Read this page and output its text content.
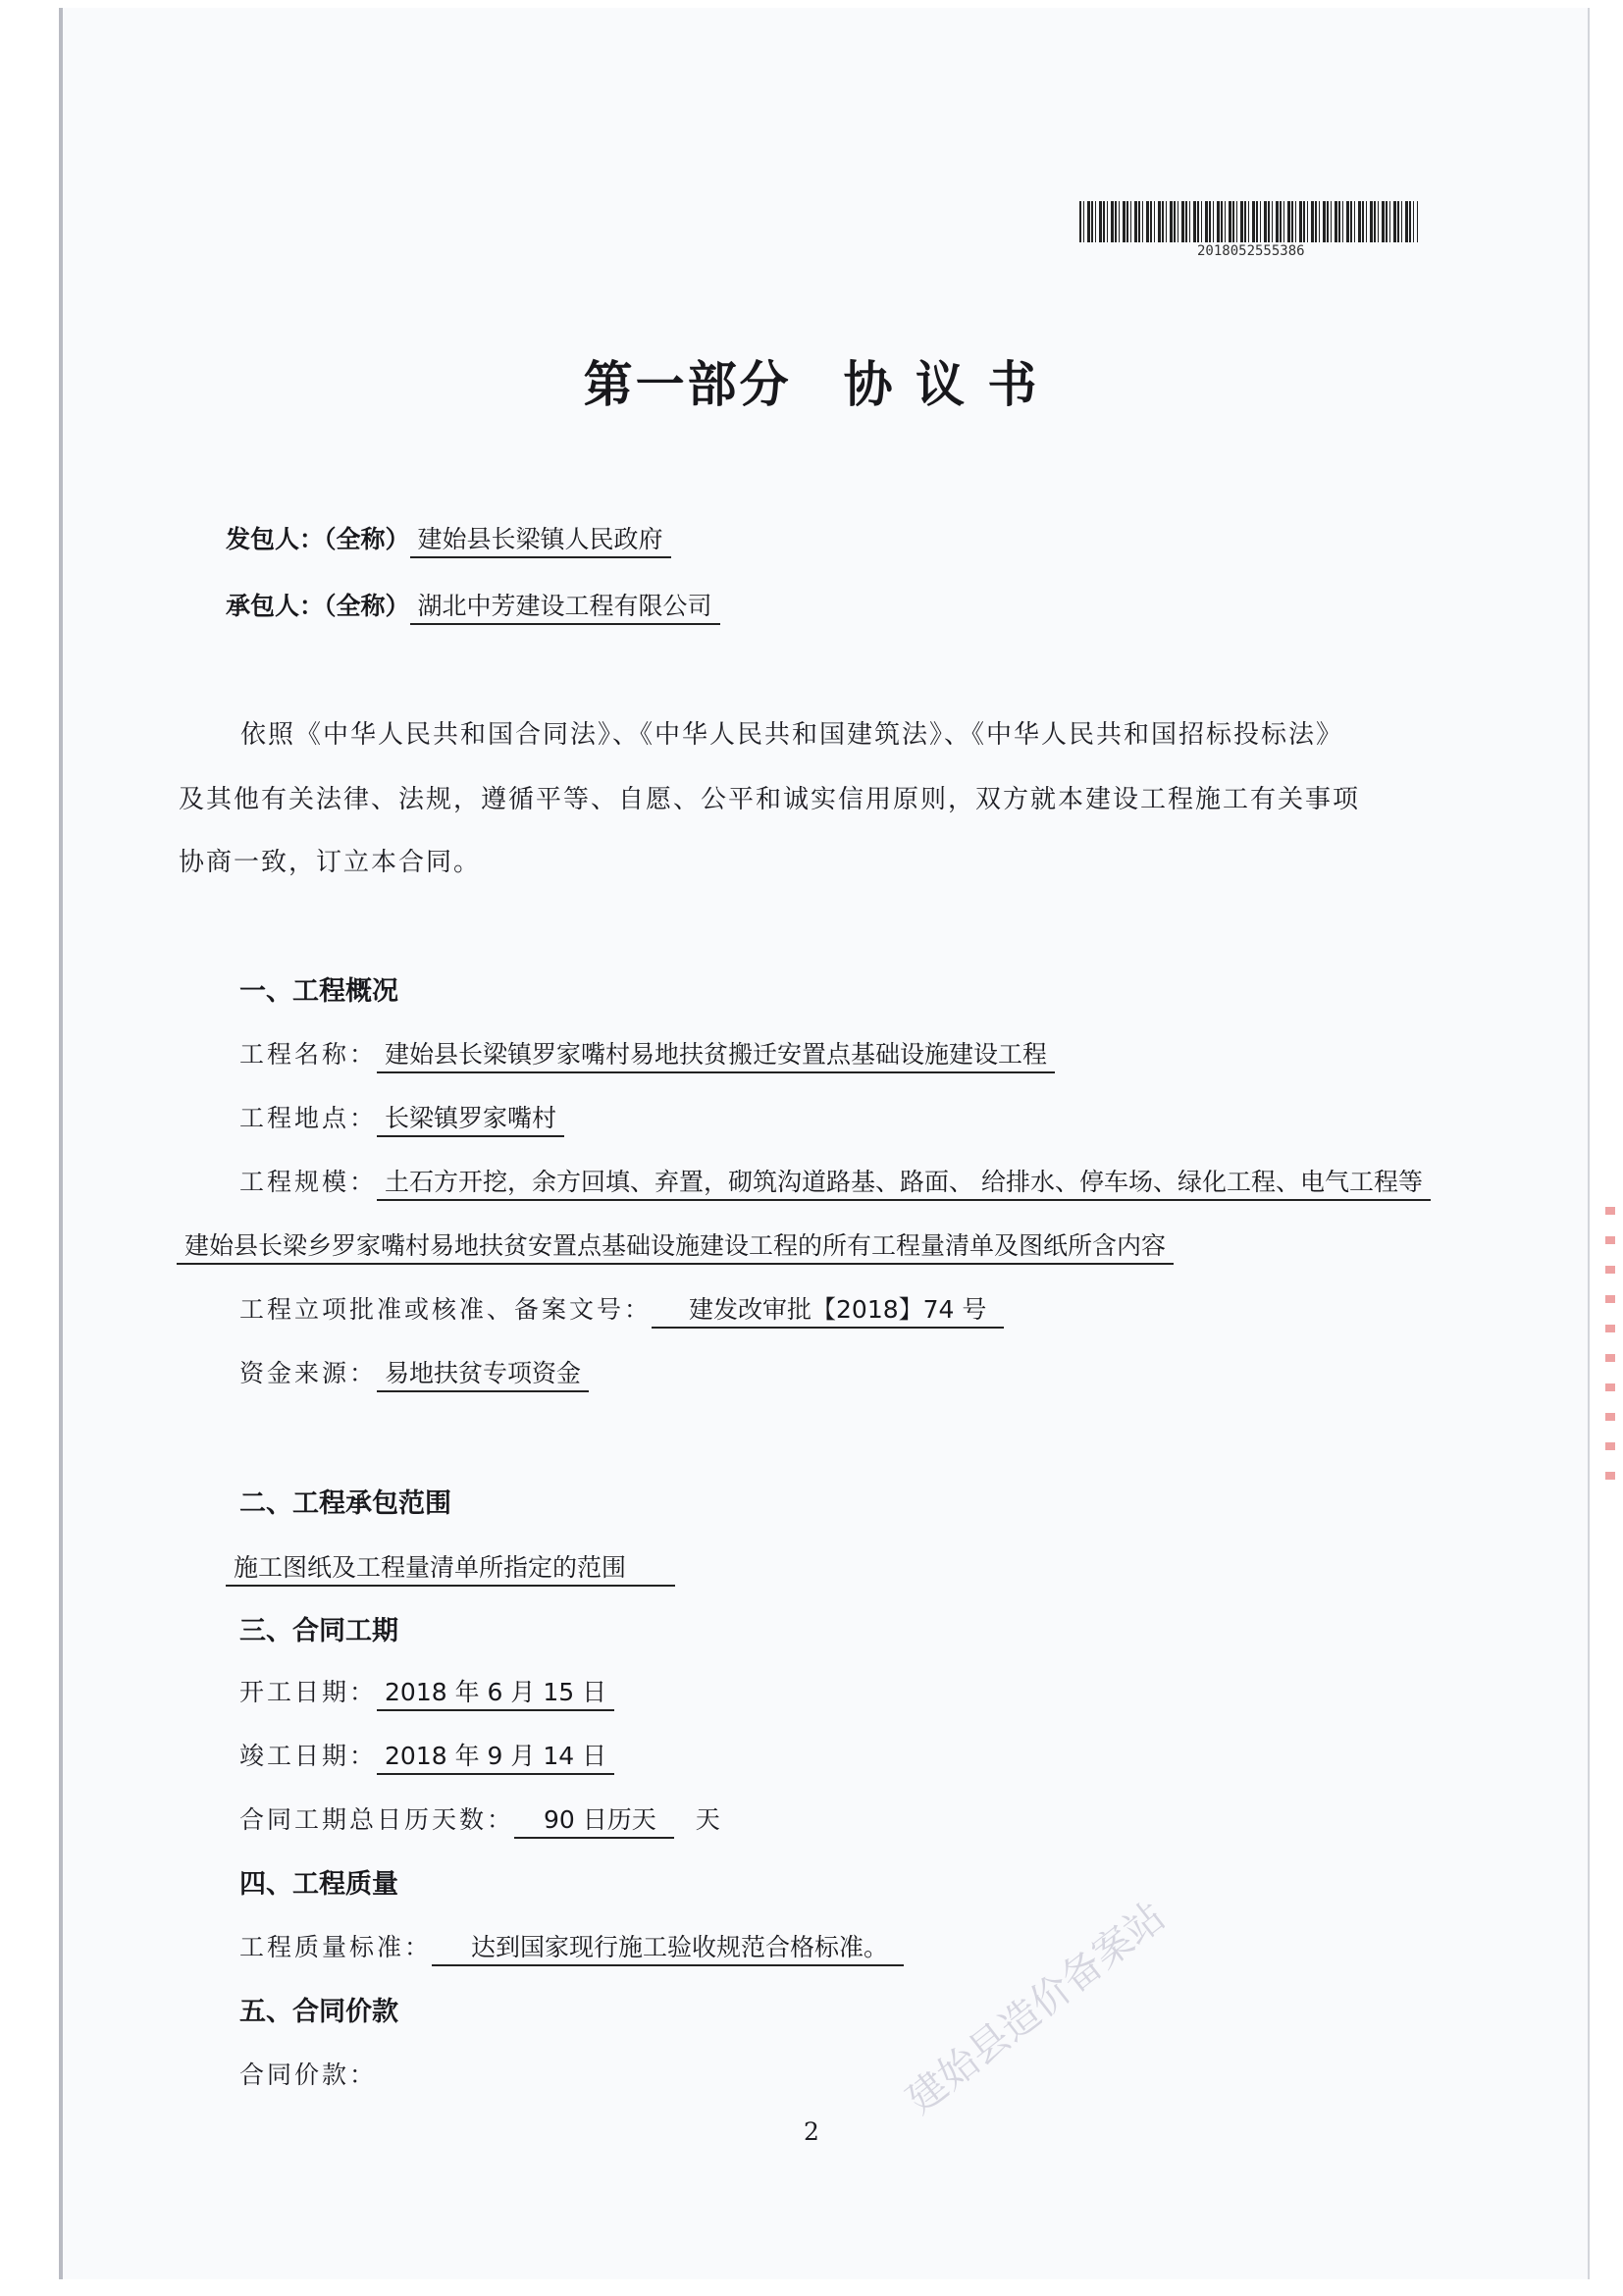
2018052555386
第一部分　协 议 书
发包人：（全称） 建始县长梁镇人民政府
承包人：（全称） 湖北中芳建设工程有限公司
依照《中华人民共和国合同法》、《中华人民共和国建筑法》、《中华人民共和国招标投标法》
及其他有关法律、法规，遵循平等、自愿、公平和诚实信用原则，双方就本建设工程施工有关事项
协商一致，订立本合同。
一、工程概况
工程名称： 建始县长梁镇罗家嘴村易地扶贫搬迁安置点基础设施建设工程
工程地点： 长梁镇罗家嘴村
工程规模： 土石方开挖，余方回填、弃置，砌筑沟道路基、路面、 给排水、停车场、绿化工程、电气工程等
建始县长梁乡罗家嘴村易地扶贫安置点基础设施建设工程的所有工程量清单及图纸所含内容
工程立项批准或核准、备案文号： 建发改审批【2018】74 号
资金来源： 易地扶贫专项资金
二、工程承包范围
施工图纸及工程量清单所指定的范围
三、合同工期
开工日期： 2018 年 6 月 15 日
竣工日期： 2018 年 9 月 14 日
合同工期总日历天数： 90 日历天 天
四、工程质量
工程质量标准： 达到国家现行施工验收规范合格标准。
五、合同价款
合同价款：	建始县造价备案站
2
